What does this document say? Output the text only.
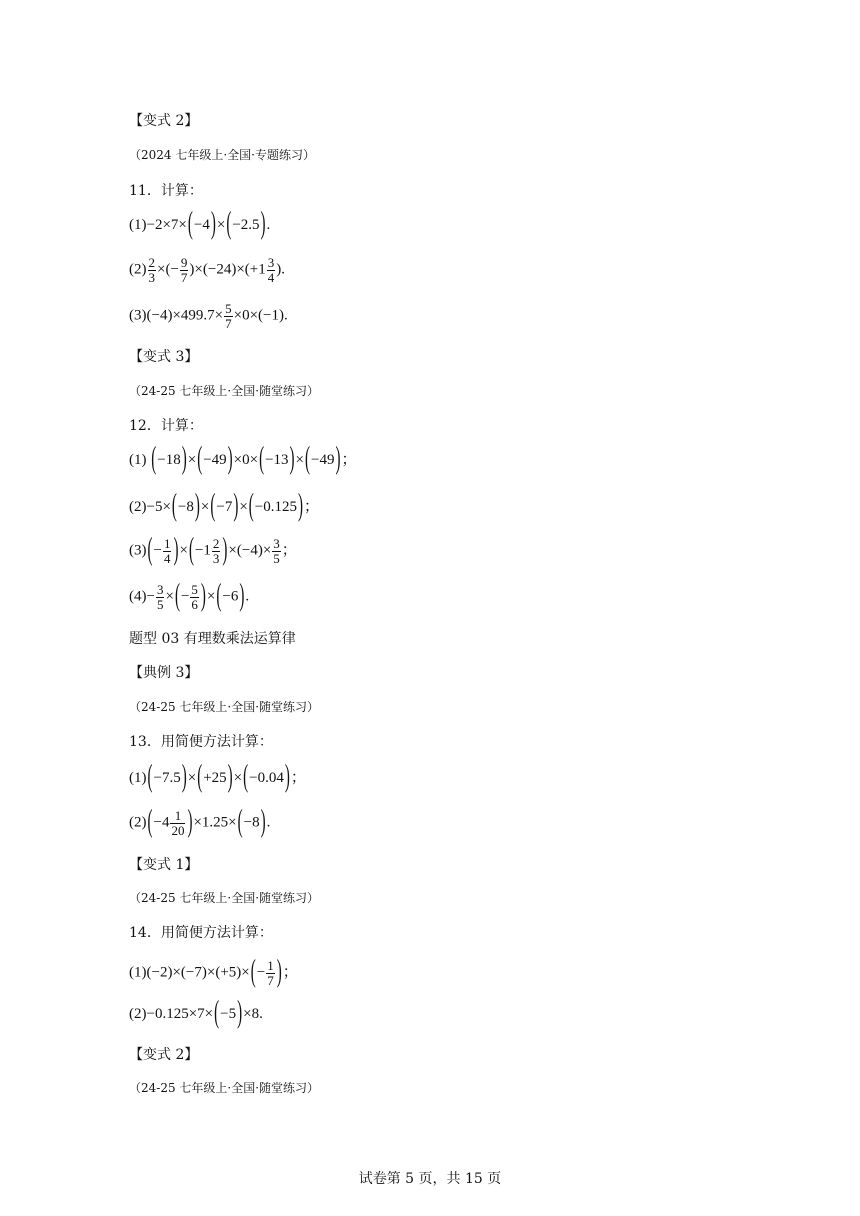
【变式 2】
（2024 七年级上·全国·专题练习）
11．计算：
(1)−2×7×(−4)×(−2.5).
$(2) \frac{2}{3}$ ×(− $\frac{9}{7} )\times(-24)\times(+1 \frac{3}{4}$ ).
$(3)(-4)\times 499.7\times \frac{5}{7} \times 0\times(-1)$.
【变式 3】
（24-25 七年级上·全国·随堂练习）
12．计算：
(1) (−18)×(−49)×0×(−13)×(−49)；
(2)−5×(−8)×(−7)×(−0.125)；
$(3)(- \frac{1}{4} )\times(-1 \frac{2}{3} )\times(-4)\times \frac{3}{5}$ ；
$(4)- \frac{3}{5}$ ×(− $\frac{5}{6} )\times(-6)$.
题型 03 有理数乘法运算律
【典例 3】
（24-25 七年级上·全国·随堂练习）
13．用简便方法计算：
(1)(−7.5)×(+25)×(−0.04)；
$(2)(-4 \frac{1}{20} )\times 1.25\times(-8)$.
【变式 1】
（24-25 七年级上·全国·随堂练习）
14．用简便方法计算：
$(1)(-2)\times(-7)\times(+5)\times(- \frac{1}{7}$ )；
(2)−0.125×7×(−5)×8.
【变式 2】
（24-25 七年级上·全国·随堂练习）
试卷第 5 页，共 15 页
